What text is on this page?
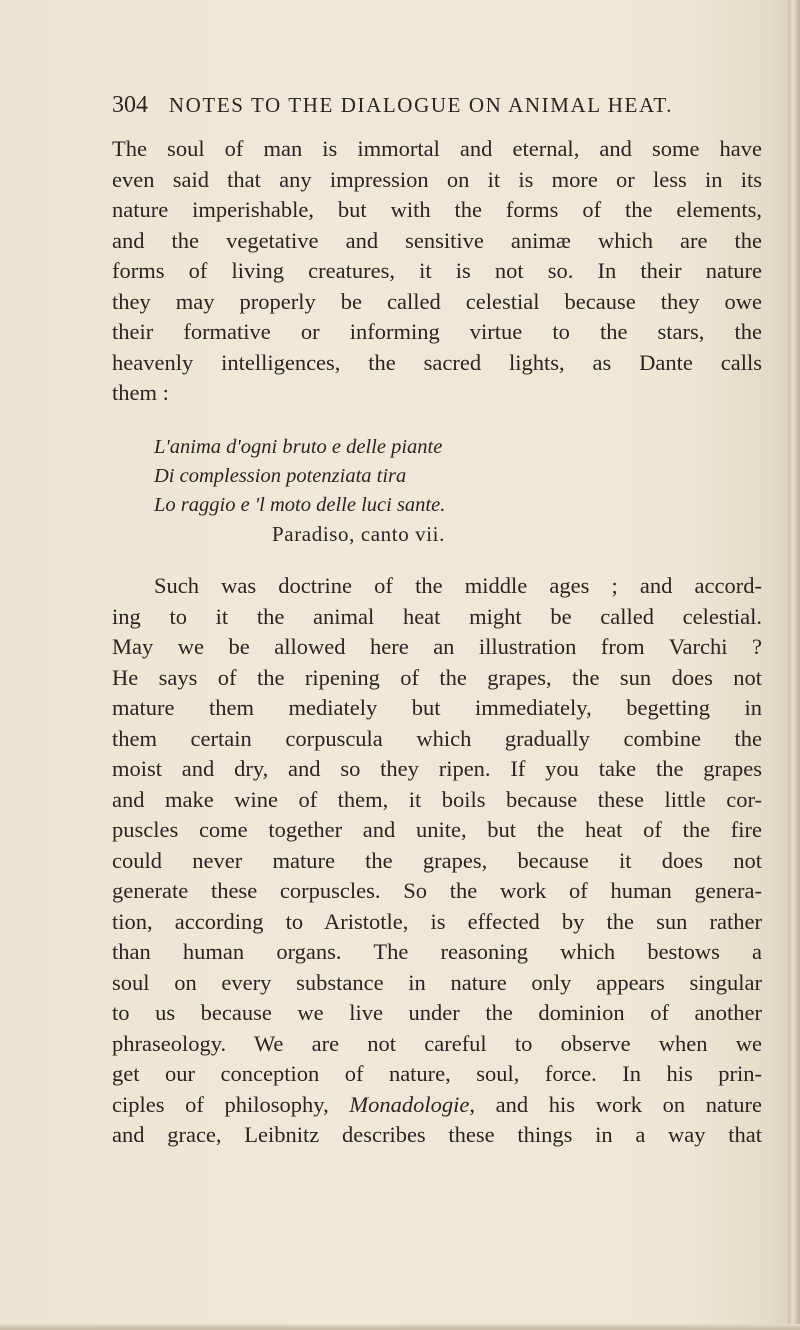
304 NOTES TO THE DIALOGUE ON ANIMAL HEAT.
The soul of man is immortal and eternal, and some have
even said that any impression on it is more or less in its
nature imperishable, but with the forms of the elements,
and the vegetative and sensitive animæ which are the
forms of living creatures, it is not so. In their nature
they may properly be called celestial because they owe
their formative or informing virtue to the stars, the
heavenly intelligences, the sacred lights, as Dante calls
them :
L'anima d'ogni bruto e delle piante
Di complession potenziata tira
Lo raggio e 'l moto delle luci sante.
Paradiso, canto vii.
Such was doctrine of the middle ages ; and accord-
ing to it the animal heat might be called celestial.
May we be allowed here an illustration from Varchi ?
He says of the ripening of the grapes, the sun does not
mature them mediately but immediately, begetting in
them certain corpuscula which gradually combine the
moist and dry, and so they ripen. If you take the grapes
and make wine of them, it boils because these little cor-
puscles come together and unite, but the heat of the fire
could never mature the grapes, because it does not
generate these corpuscles. So the work of human genera-
tion, according to Aristotle, is effected by the sun rather
than human organs. The reasoning which bestows a
soul on every substance in nature only appears singular
to us because we live under the dominion of another
phraseology. We are not careful to observe when we
get our conception of nature, soul, force. In his prin-
ciples of philosophy, Monadologie, and his work on nature
and grace, Leibnitz describes these things in a way that
